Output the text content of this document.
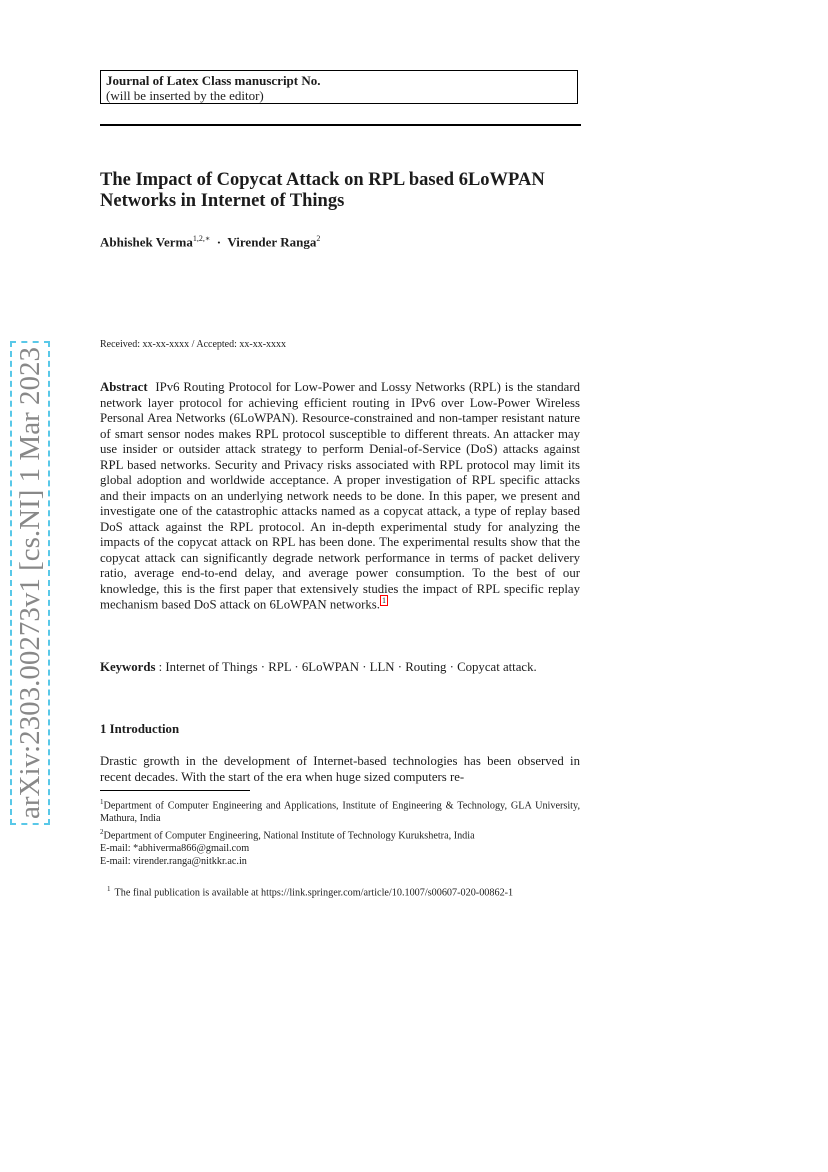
Journal of Latex Class manuscript No.
(will be inserted by the editor)
The Impact of Copycat Attack on RPL based 6LoWPAN Networks in Internet of Things
Abhishek Verma$^{1,2,∗}$ · Virender Ranga$^2$
Received: xx-xx-xxxx / Accepted: xx-xx-xxxx
Abstract IPv6 Routing Protocol for Low-Power and Lossy Networks (RPL) is the standard network layer protocol for achieving efficient routing in IPv6 over Low-Power Wireless Personal Area Networks (6LoWPAN). Resource-constrained and non-tamper resistant nature of smart sensor nodes makes RPL protocol susceptible to different threats. An attacker may use insider or outsider attack strategy to perform Denial-of-Service (DoS) attacks against RPL based networks. Security and Privacy risks associated with RPL protocol may limit its global adoption and worldwide acceptance. A proper investigation of RPL specific attacks and their impacts on an underlying network needs to be done. In this paper, we present and investigate one of the catastrophic attacks named as a copycat attack, a type of replay based DoS attack against the RPL protocol. An in-depth experimental study for analyzing the impacts of the copycat attack on RPL has been done. The experimental results show that the copycat attack can significantly degrade network performance in terms of packet delivery ratio, average end-to-end delay, and average power consumption. To the best of our knowledge, this is the first paper that extensively studies the impact of RPL specific replay mechanism based DoS attack on 6LoWPAN networks. $^1$
Keywords : Internet of Things · RPL · 6LoWPAN · LLN · Routing · Copycat attack.
1 Introduction
Drastic growth in the development of Internet-based technologies has been observed in recent decades. With the start of the era when huge sized computers re-
$^1$Department of Computer Engineering and Applications, Institute of Engineering & Technology, GLA University, Mathura, India
$^2$Department of Computer Engineering, National Institute of Technology Kurukshetra, India
E-mail: *abhiverma866@gmail.com
E-mail: virender.ranga@nitkkr.ac.in
$^1$ The final publication is available at https://link.springer.com/article/10.1007/s00607-020-00862-1
arXiv:2303.00273v1 [cs.NI] 1 Mar 2023
